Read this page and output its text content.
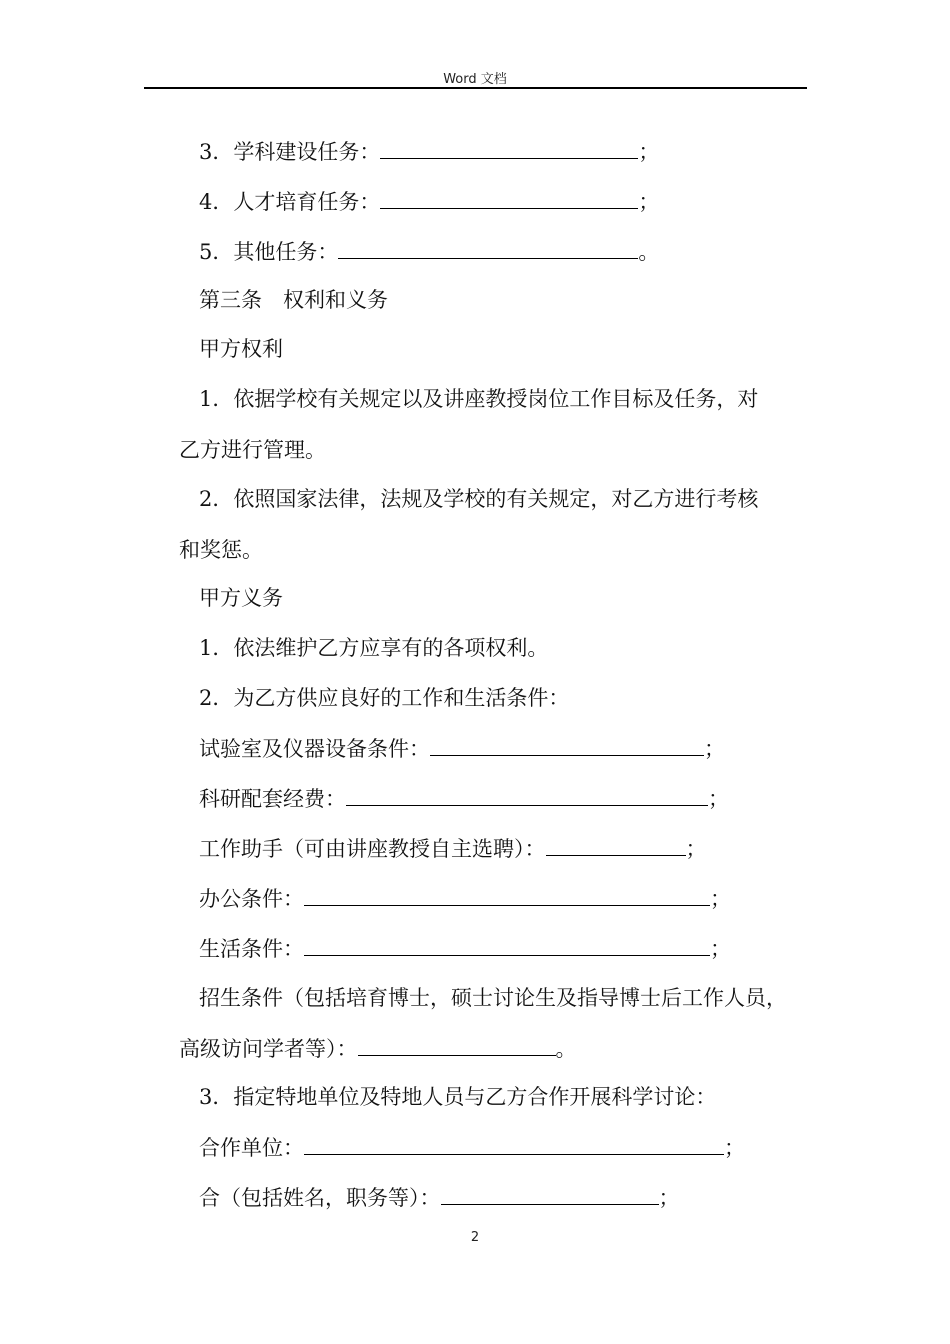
Word 文档
3．学科建设任务：	；
4．人才培育任务：	；
5．其他任务：	。
第三条　权利和义务
甲方权利
1．依据学校有关规定以及讲座教授岗位工作目标及任务，对
乙方进行管理。
2．依照国家法律，法规及学校的有关规定，对乙方进行考核
和奖惩。
甲方义务
1．依法维护乙方应享有的各项权利。
2．为乙方供应良好的工作和生活条件：
试验室及仪器设备条件：	；
科研配套经费：	；
工作助手（可由讲座教授自主选聘）：	；
办公条件：	；
生活条件：	；
招生条件（包括培育博士，硕士讨论生及指导博士后工作人员，
高级访问学者等）：	。
3．指定特地单位及特地人员与乙方合作开展科学讨论：
合作单位：	；
合（包括姓名，职务等）：	；
2
